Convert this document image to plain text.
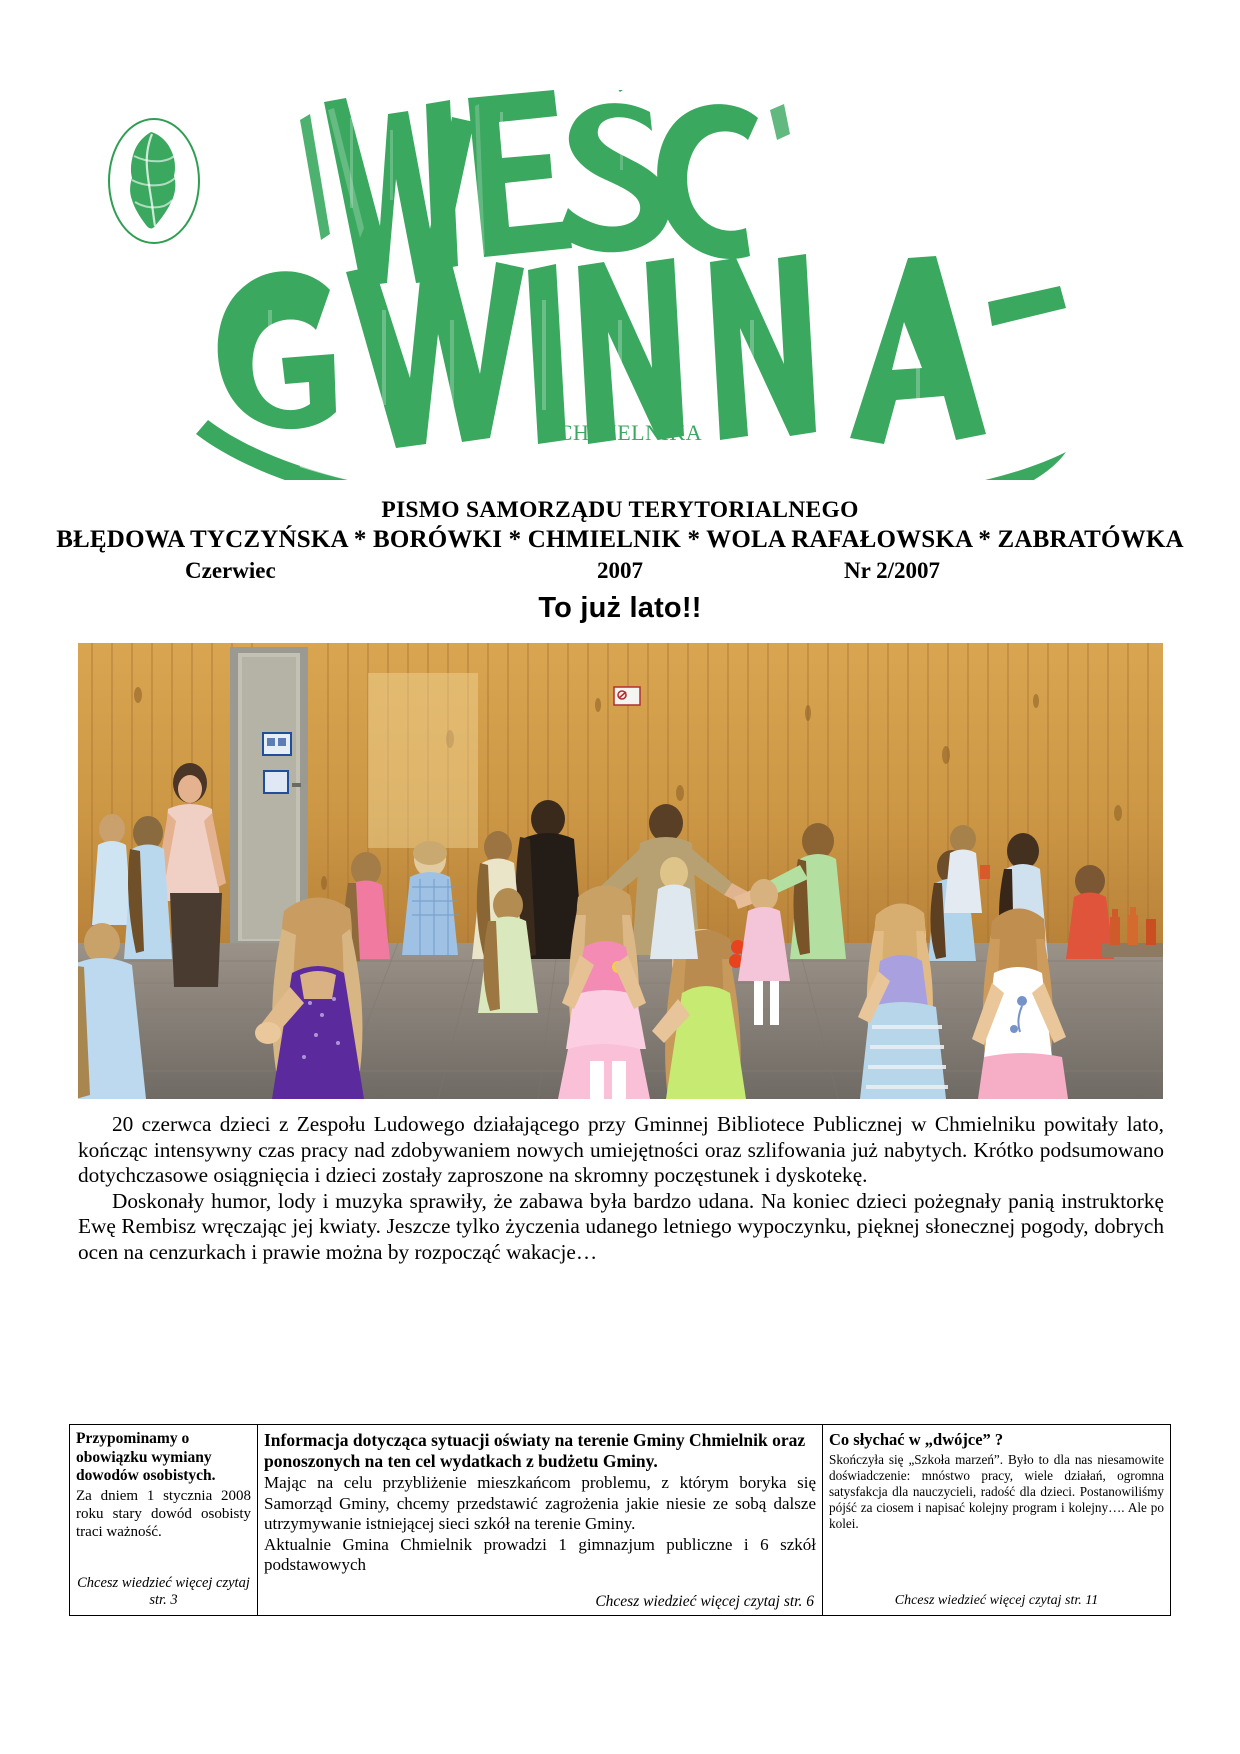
Z CHMIELNIKA
PISMO SAMORZĄDU TERYTORIALNEGO
BŁĘDOWA TYCZYŃSKA * BORÓWKI * CHMIELNIK * WOLA RAFAŁOWSKA * ZABRATÓWKA
Czerwiec	2007	Nr 2/2007
To już lato!!

20 czerwca dzieci z Zespołu Ludowego działającego przy Gminnej Bibliotece Publicznej w Chmielniku powitały lato, kończąc intensywny czas pracy nad zdobywaniem nowych umiejętności oraz szlifowania już nabytych. Krótko podsumowano dotychczasowe osiągnięcia i dzieci zostały zaproszone na skromny poczęstunek i dyskotekę.

Doskonały humor, lody i muzyka sprawiły, że zabawa była bardzo udana. Na koniec dzieci pożegnały panią instruktorkę Ewę Rembisz wręczając jej kwiaty. Jeszcze tylko życzenia udanego letniego wypoczynku, pięknej słonecznej pogody, dobrych ocen na cenzurkach i prawie można by rozpocząć wakacje…

Przypominamy o obowiązku wymiany dowodów osobistych.
Za dniem 1 stycznia 2008 roku stary dowód osobisty traci ważność.
Chcesz wiedzieć więcej czytaj str. 3
Informacja dotycząca sytuacji oświaty na terenie Gminy Chmielnik oraz ponoszonych na ten cel wydatkach z budżetu Gminy.
Mając na celu przybliżenie mieszkańcom problemu, z którym boryka się Samorząd Gminy, chcemy przedstawić zagrożenia jakie niesie ze sobą dalsze utrzymywanie istniejącej sieci szkół na terenie Gminy.
Aktualnie Gmina Chmielnik prowadzi 1 gimnazjum publiczne i 6 szkół podstawowych
Chcesz wiedzieć więcej czytaj str. 6
Co słychać w „dwójce” ?
Skończyła się „Szkoła marzeń”. Było to dla nas niesamowite doświadczenie: mnóstwo pracy, wiele działań, ogromna satysfakcja dla nauczycieli, radość dla dzieci. Postanowiliśmy pójść za ciosem i napisać kolejny program i kolejny…. Ale po kolei.
Chcesz wiedzieć więcej czytaj str. 11
